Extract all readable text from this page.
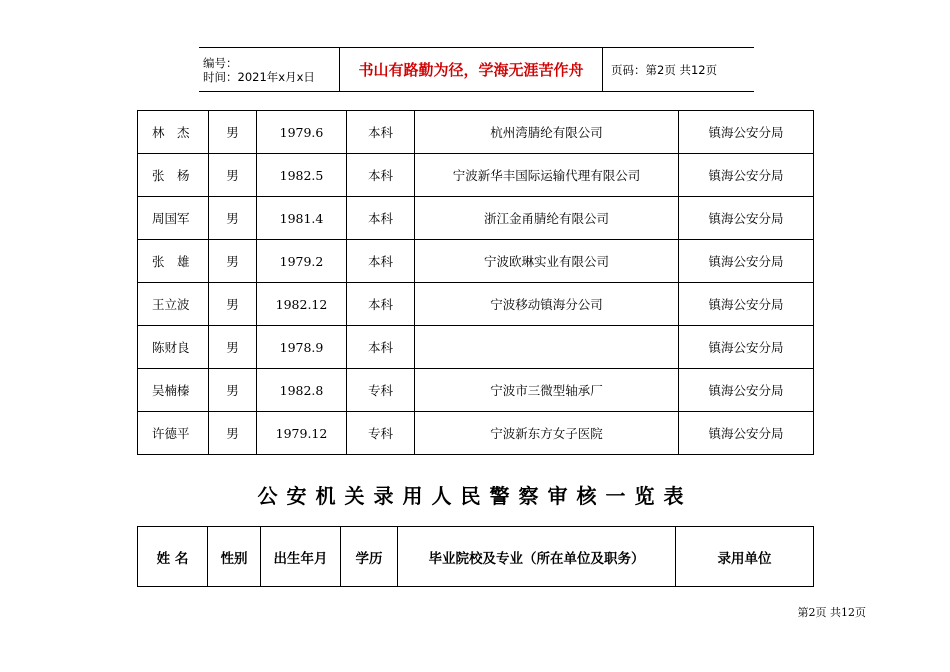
编号：
时间：2021年x月x日	书山有路勤为径，学海无涯苦作舟	页码：第2页 共12页
林　杰	男	1979.6	本科	杭州湾腈纶有限公司	镇海公安分局
张　杨	男	1982.5	本科	宁波新华丰国际运输代理有限公司	镇海公安分局
周国军	男	1981.4	本科	浙江金甬腈纶有限公司	镇海公安分局
张　雄	男	1979.2	本科	宁波欧琳实业有限公司	镇海公安分局
王立波	男	1982.12	本科	宁波移动镇海分公司	镇海公安分局
陈财良	男	1978.9	本科		镇海公安分局
吴楠榛	男	1982.8	专科	宁波市三微型轴承厂	镇海公安分局
许德平	男	1979.12	专科	宁波新东方女子医院	镇海公安分局
公安机关录用人民警察审核一览表
姓 名	性别	出生年月	学历	毕业院校及专业（所在单位及职务）	录用单位
第2页 共12页
